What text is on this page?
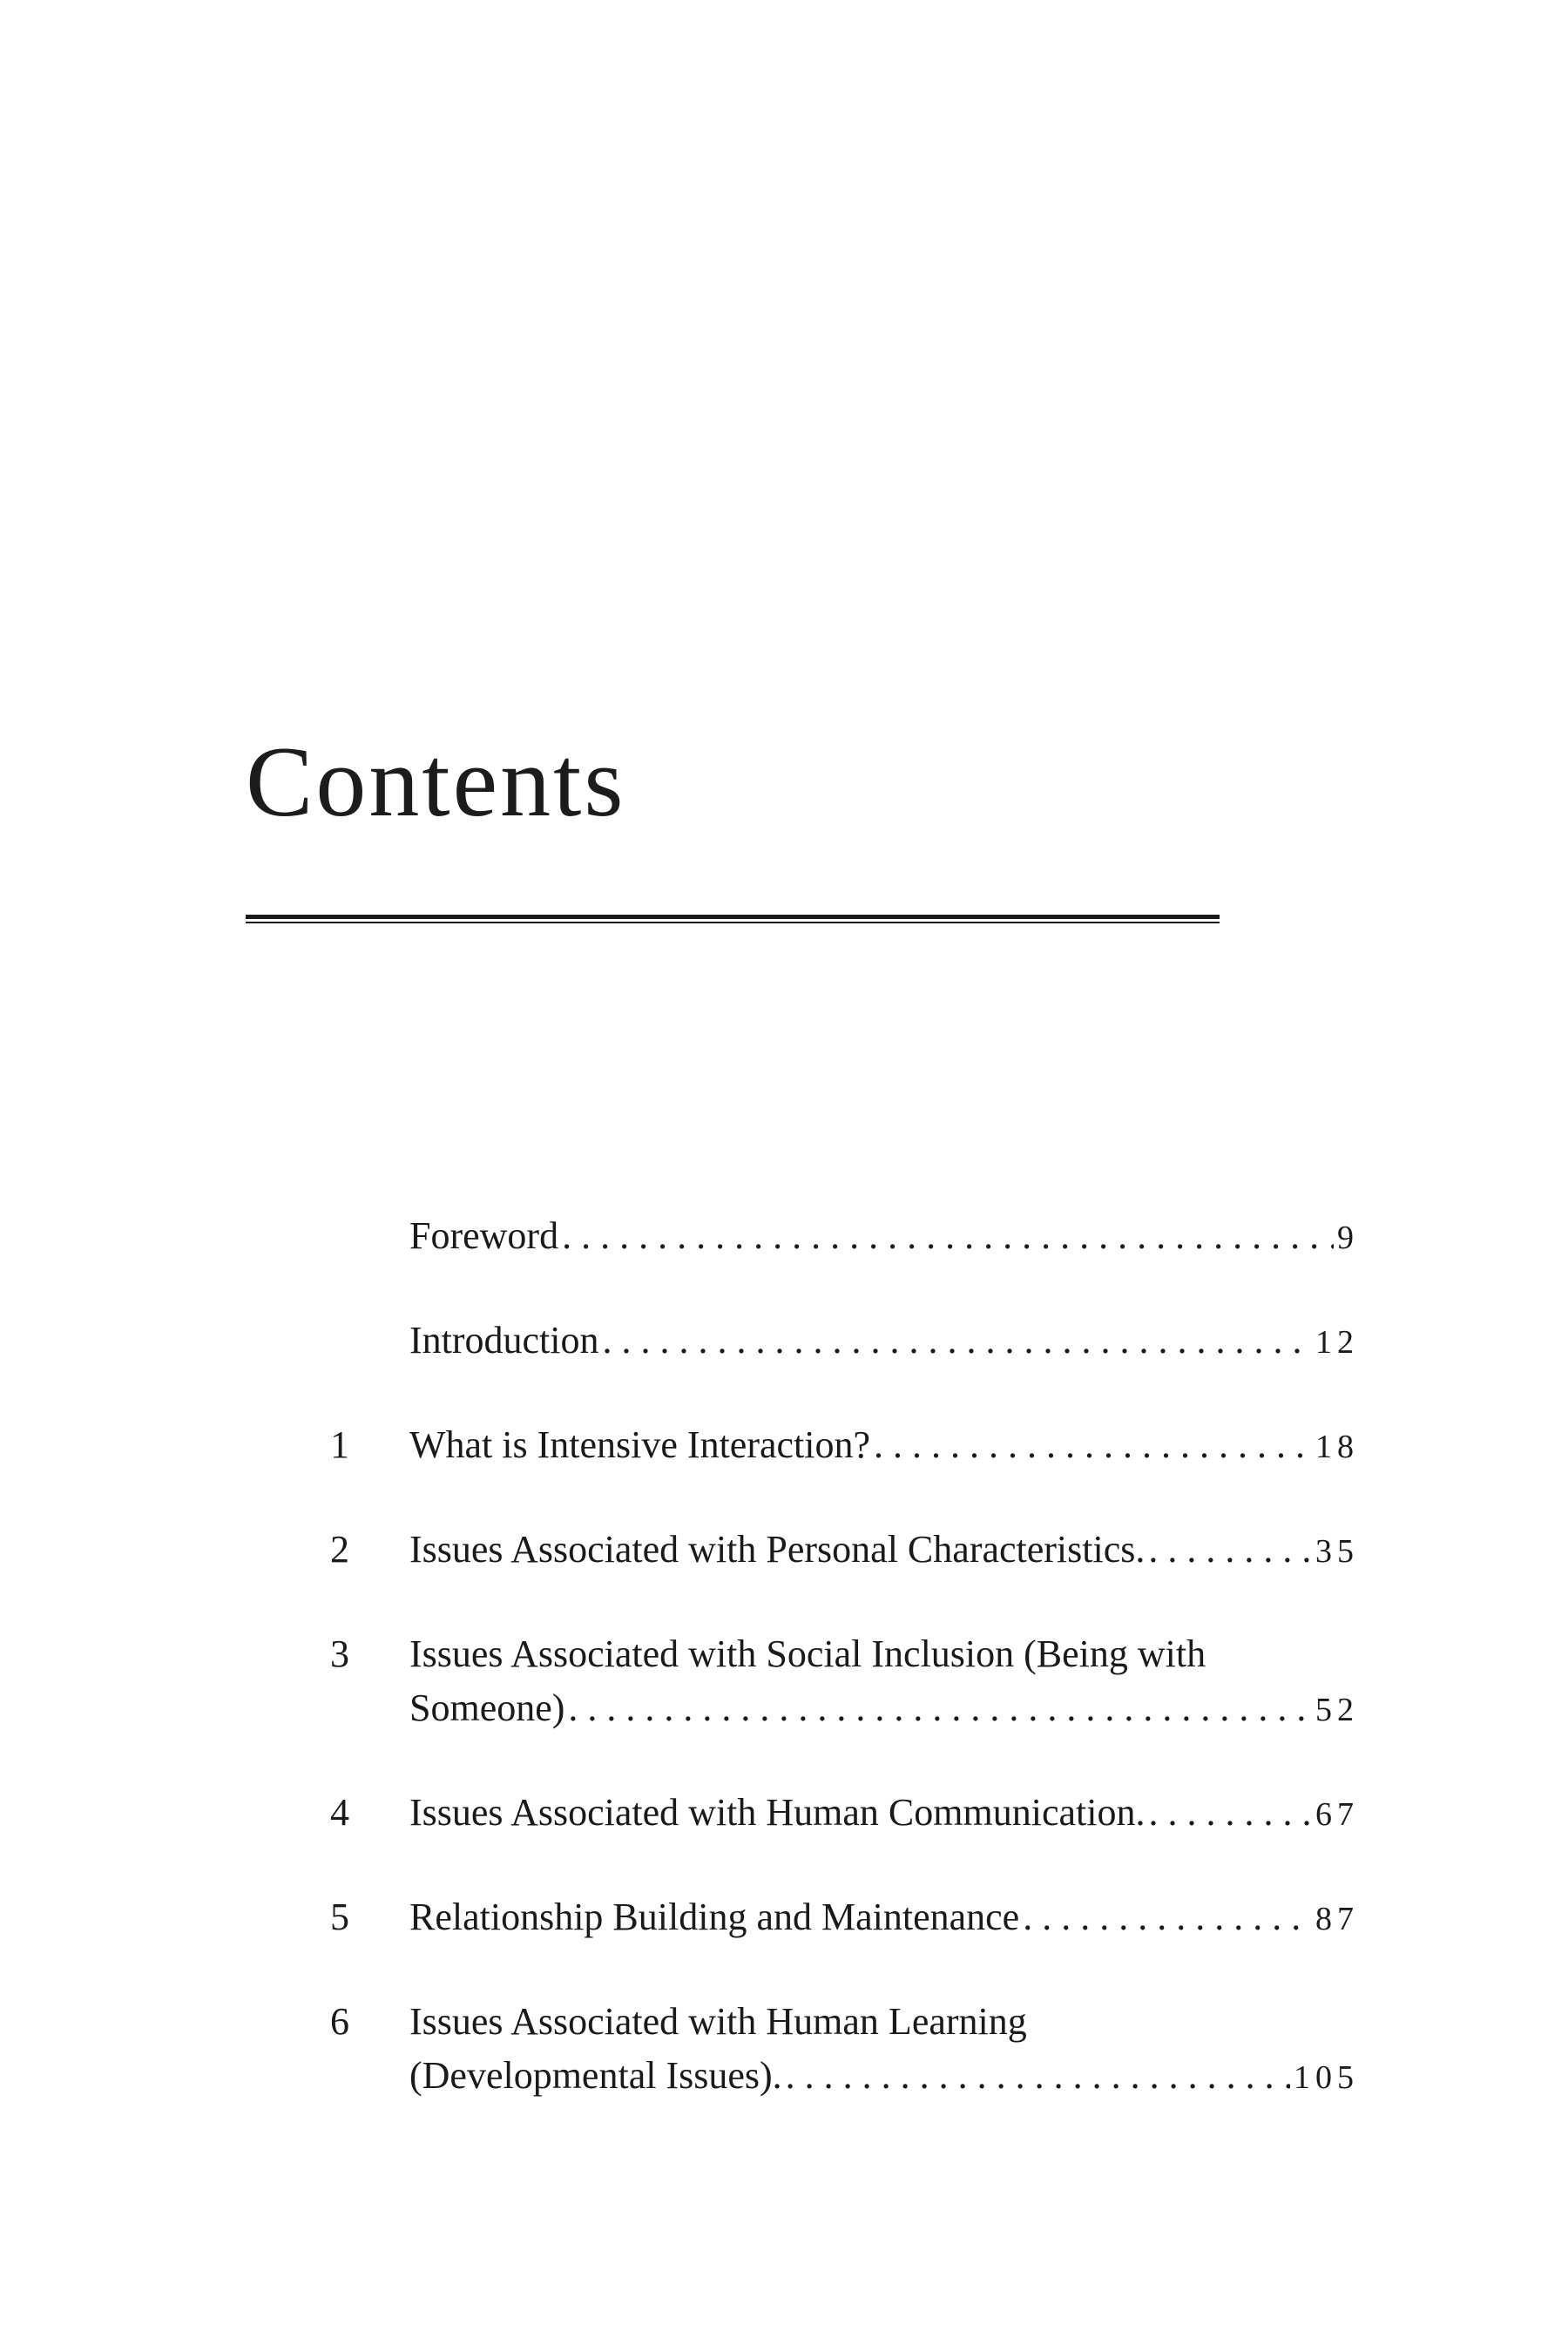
Contents
Foreword . . .	9
Introduction . . .	12
1	What is Intensive Interaction? . . .	18
2	Issues Associated with Personal Characteristics. . . .	35
3	Issues Associated with Social Inclusion (Being with
Someone) . . .	52
4	Issues Associated with Human Communication. . . .	67
5	Relationship Building and Maintenance . . .	87
6	Issues Associated with Human Learning
(Developmental Issues). . . .	105
